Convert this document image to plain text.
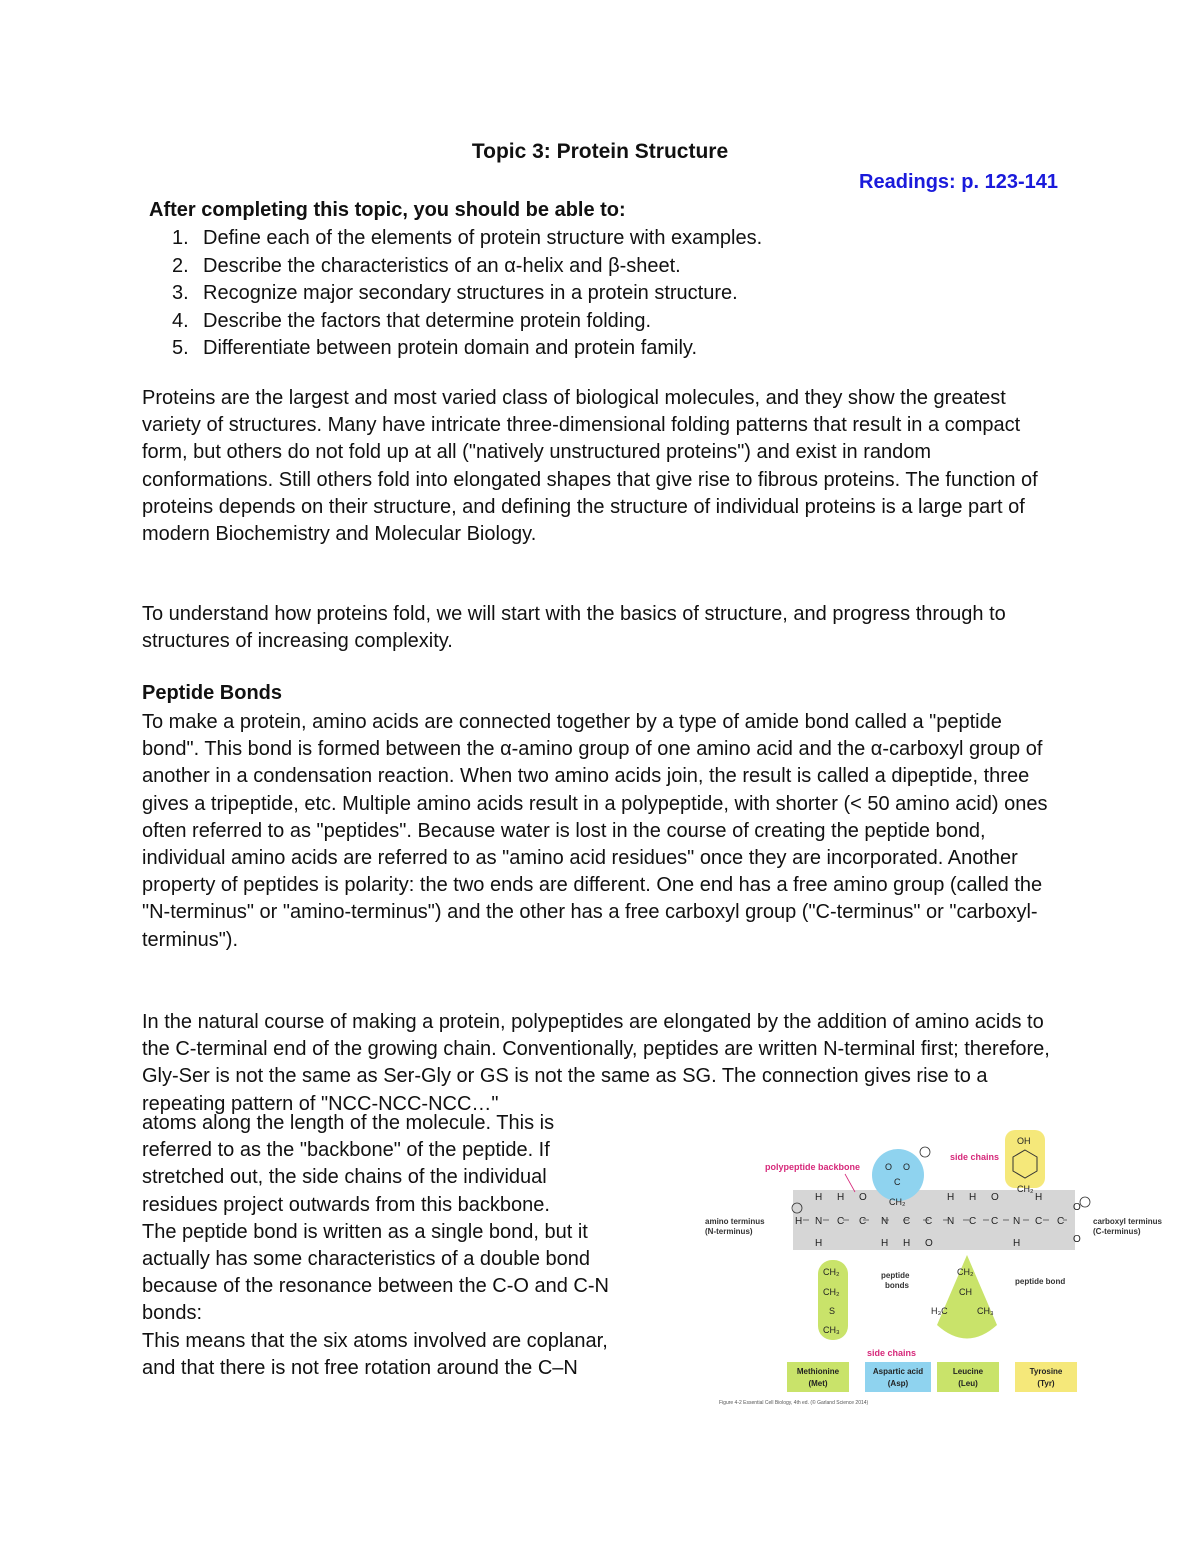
Topic 3: Protein Structure
Readings: p. 123-141
After completing this topic, you should be able to:
1. Define each of the elements of protein structure with examples.
2. Describe the characteristics of an α-helix and β-sheet.
3. Recognize major secondary structures in a protein structure.
4. Describe the factors that determine protein folding.
5. Differentiate between protein domain and protein family.

Proteins are the largest and most varied class of biological molecules, and they show the greatest variety of structures. Many have intricate three-dimensional folding patterns that result in a compact form, but others do not fold up at all ("natively unstructured proteins") and exist in random conformations. Still others fold into elongated shapes that give rise to fibrous proteins. The function of proteins depends on their structure, and defining the structure of individual proteins is a large part of modern Biochemistry and Molecular Biology.

To understand how proteins fold, we will start with the basics of structure, and progress through to structures of increasing complexity.

Peptide Bonds

To make a protein, amino acids are connected together by a type of amide bond called a "peptide bond". This bond is formed between the α-amino group of one amino acid and the α-carboxyl group of another in a condensation reaction. When two amino acids join, the result is called a dipeptide, three gives a tripeptide, etc. Multiple amino acids result in a polypeptide, with shorter (< 50 amino acid) ones often referred to as "peptides". Because water is lost in the course of creating the peptide bond, individual amino acids are referred to as "amino acid residues" once they are incorporated. Another property of peptides is polarity: the two ends are different. One end has a free amino group (called the "N-terminus" or "amino-terminus") and the other has a free carboxyl group ("C-terminus" or "carboxyl-terminus").

In the natural course of making a protein, polypeptides are elongated by the addition of amino acids to the C-terminal end of the growing chain. Conventionally, peptides are written N-terminal first; therefore, Gly-Ser is not the same as Ser-Gly or GS is not the same as SG. The connection gives rise to a repeating pattern of "NCC-NCC-NCC…"

atoms along the length of the molecule. This is
referred to as the "backbone" of the peptide. If
stretched out, the side chains of the individual
residues project outwards from this backbone.
The peptide bond is written as a single bond, but it
actually has some characteristics of a double bond
because of the resonance between the C-O and C-N
bonds:
This means that the six atoms involved are coplanar,
and that there is not free rotation around the C–N

H N C C N C C N C C N C C
H H O
H H O
H H O
H
H
H
O
O
O O
C
CH₂
CH₂
CH₂
S
CH₃
CH₂
CH
H₃C	CH₃
OH
CH₂
polypeptide backbone
side chains
side chains
amino terminus
(N-terminus)
carboxyl terminus
(C-terminus)
peptide
bonds	peptide bond
Methionine
(Met)
Aspartic acid
(Asp)
Leucine
(Leu)
Tyrosine
(Tyr)
Figure 4-2 Essential Cell Biology, 4th ed. (© Garland Science 2014)
